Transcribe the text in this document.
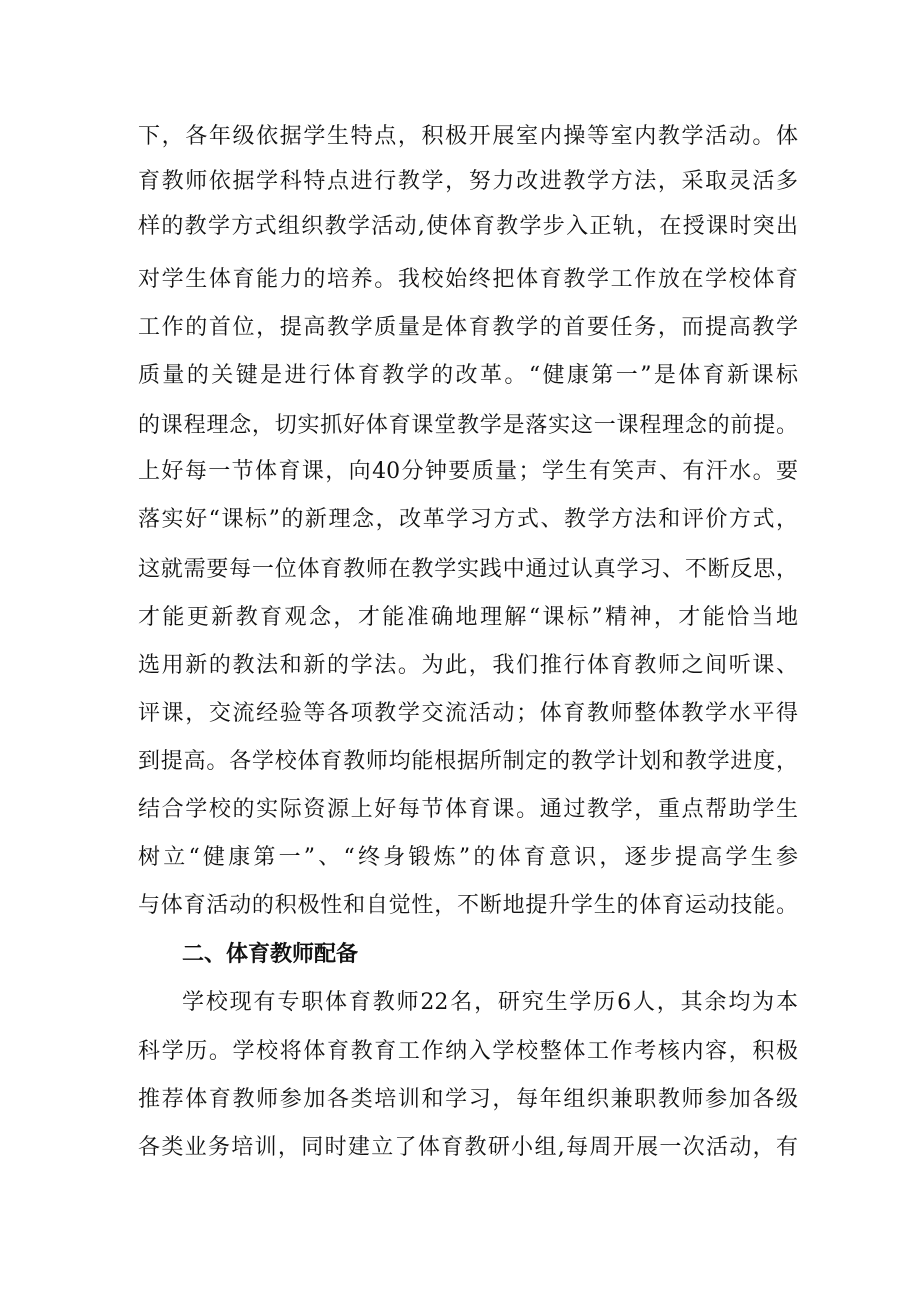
下，各年级依据学生特点，积极开展室内操等室内教学活动。体
育教师依据学科特点进行教学，努力改进教学方法，采取灵活多
样的教学方式组织教学活动,使体育教学步入正轨，在授课时突出
对学生体育能力的培养。我校始终把体育教学工作放在学校体育
工作的首位，提高教学质量是体育教学的首要任务，而提高教学
质量的关键是进行体育教学的改革。“健康第一”是体育新课标
的课程理念，切实抓好体育课堂教学是落实这一课程理念的前提。
上好每一节体育课，向40分钟要质量；学生有笑声、有汗水。要
落实好“课标”的新理念，改革学习方式、教学方法和评价方式，
这就需要每一位体育教师在教学实践中通过认真学习、不断反思，
才能更新教育观念，才能准确地理解“课标”精神，才能恰当地
选用新的教法和新的学法。为此，我们推行体育教师之间听课、
评课，交流经验等各项教学交流活动；体育教师整体教学水平得
到提高。各学校体育教师均能根据所制定的教学计划和教学进度，
结合学校的实际资源上好每节体育课。通过教学，重点帮助学生
树立“健康第一”、“终身锻炼”的体育意识，逐步提高学生参
与体育活动的积极性和自觉性，不断地提升学生的体育运动技能。
二、体育教师配备
学校现有专职体育教师22名，研究生学历6人，其余均为本
科学历。学校将体育教育工作纳入学校整体工作考核内容，积极
推荐体育教师参加各类培训和学习，每年组织兼职教师参加各级
各类业务培训，同时建立了体育教研小组,每周开展一次活动，有
